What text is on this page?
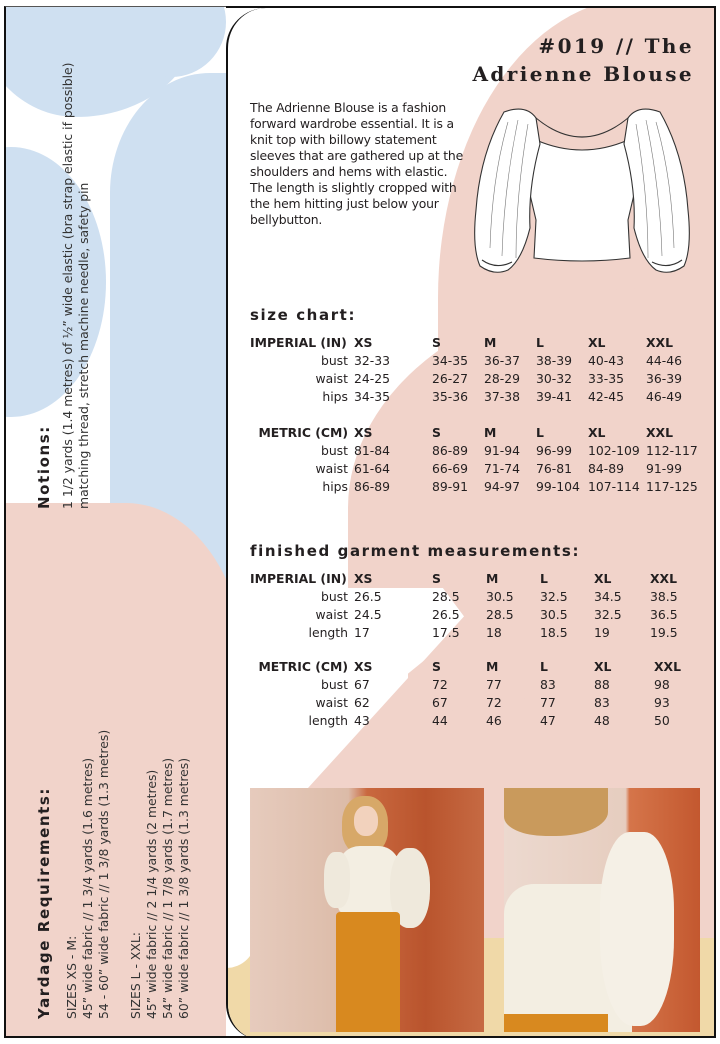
Notions: 1 1/2 yards (1.4 metres) of ½” wide elastic (bra strap elastic if possible) matching thread, stretch machine needle, safety pin
Yardage Requirements: SIZES XS - M: 45” wide fabric // 1 3/4 yards (1.6 metres) 54 - 60” wide fabric // 1 3/8 yards (1.3 metres) SIZES L - XXL: 45” wide fabric // 2 1/4 yards (2 metres) 54” wide fabric // 1 7/8 yards (1.7 metres) 60” wide fabric // 1 3/8 yards (1.3 metres)
#019 // The
Adrienne Blouse
The Adrienne Blouse is a fashion forward wardrobe essential. It is a knit top with billowy statement sleeves that are gathered up at the shoulders and hems with elastic. The length is slightly cropped with the hem hitting just below your bellybutton.
size chart:
IMPERIAL (IN)	XS	S	M	L	XL	XXL
bust	32-33	34-35	36-37	38-39	40-43	44-46
waist	24-25	26-27	28-29	30-32	33-35	36-39
hips	34-35	35-36	37-38	39-41	42-45	46-49
METRIC (CM)	XS	S	M	L	XL	XXL
bust	81-84	86-89	91-94	96-99	102-109	112-117
waist	61-64	66-69	71-74	76-81	84-89	91-99
hips	86-89	89-91	94-97	99-104	107-114	117-125
finished garment measurements:
IMPERIAL (IN)	XS	S	M	L	XL	XXL
bust	26.5	28.5	30.5	32.5	34.5	38.5
waist	24.5	26.5	28.5	30.5	32.5	36.5
length	17	17.5	18	18.5	19	19.5
METRIC (CM)	XS	S	M	L	XL	XXL
bust	67	72	77	83	88	98
waist	62	67	72	77	83	93
length	43	44	46	47	48	50
